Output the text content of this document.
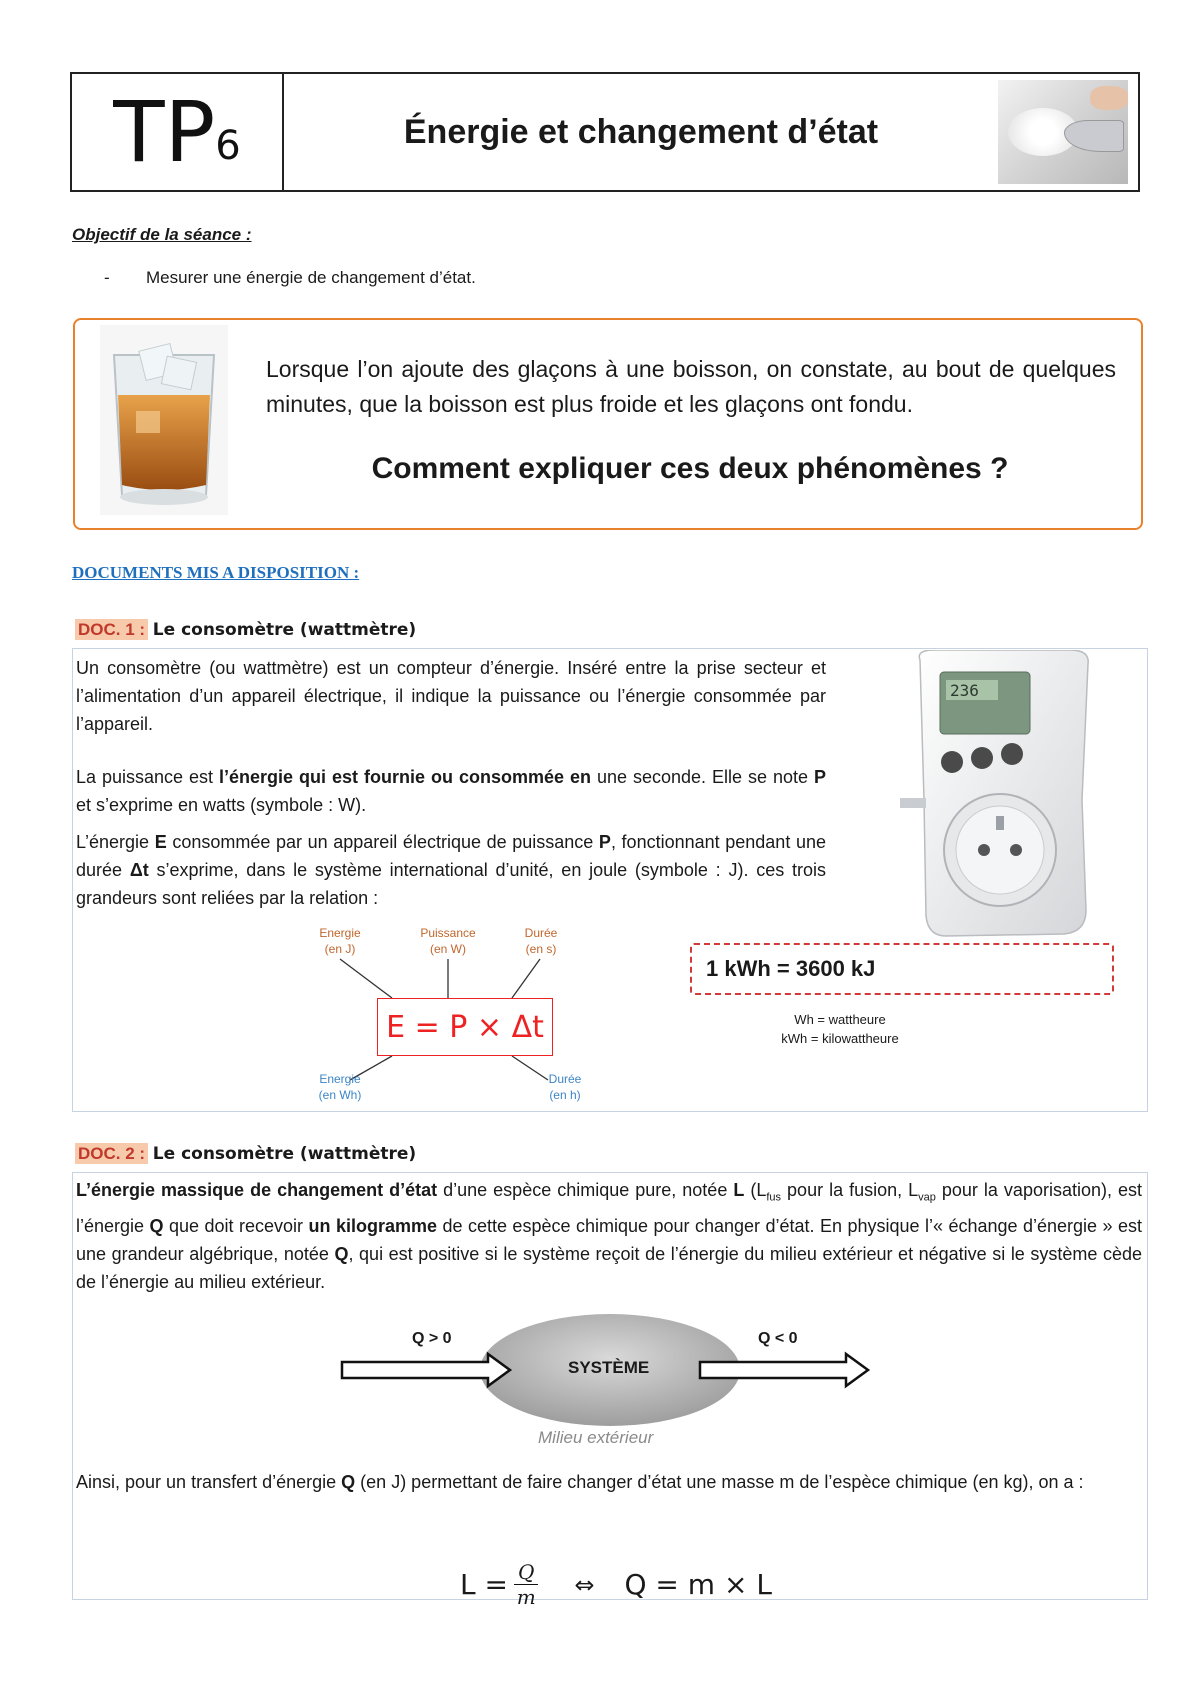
$TP_6$	Énergie et changement d’état
Objectif de la séance :
- Mesurer une énergie de changement d’état.
Lorsque l’on ajoute des glaçons à une boisson, on constate, au bout de quelques minutes, que la boisson est plus froide et les glaçons ont fondu.
Comment expliquer ces deux phénomènes ?
DOCUMENTS MIS A DISPOSITION :
DOC. 1 : Le consomètre (wattmètre)
Un consomètre (ou wattmètre) est un compteur d’énergie. Inséré entre la prise secteur et l’alimentation d’un appareil électrique, il indique la puissance ou l’énergie consommée par l’appareil.
La puissance est l’énergie qui est fournie ou consommée en une seconde. Elle se note P et s’exprime en watts (symbole : W).
L’énergie E consommée par un appareil électrique de puissance P, fonctionnant pendant une durée Δt s’exprime, dans le système international d’unité, en joule (symbole : J). ces trois grandeurs sont reliées par la relation :
236
Energie
(en J)
Puissance
(en W)
Durée
(en s)
E = P × Δt
Energie
(en Wh)
Durée
(en h)
1 kWh = 3600 kJ
Wh = wattheure
kWh = kilowattheure
DOC. 2 : Le consomètre (wattmètre)
L’énergie massique de changement d’état d’une espèce chimique pure, notée L ($L_{fus}$ pour la fusion, $L_{vap}$ pour la vaporisation), est l’énergie Q que doit recevoir un kilogramme de cette espèce chimique pour changer d’état. En physique l’« échange d’énergie » est une grandeur algébrique, notée Q, qui est positive si le système reçoit de l’énergie du milieu extérieur et négative si le système cède de l’énergie au milieu extérieur.
Q > 0	Q < 0
SYSTÈME
Milieu extérieur
Ainsi, pour un transfert d’énergie Q (en J) permettant de faire changer d’état une masse m de l’espèce chimique (en kg), on a :
$L = \frac{Q}{m}$ ⇔ Q = m × L
